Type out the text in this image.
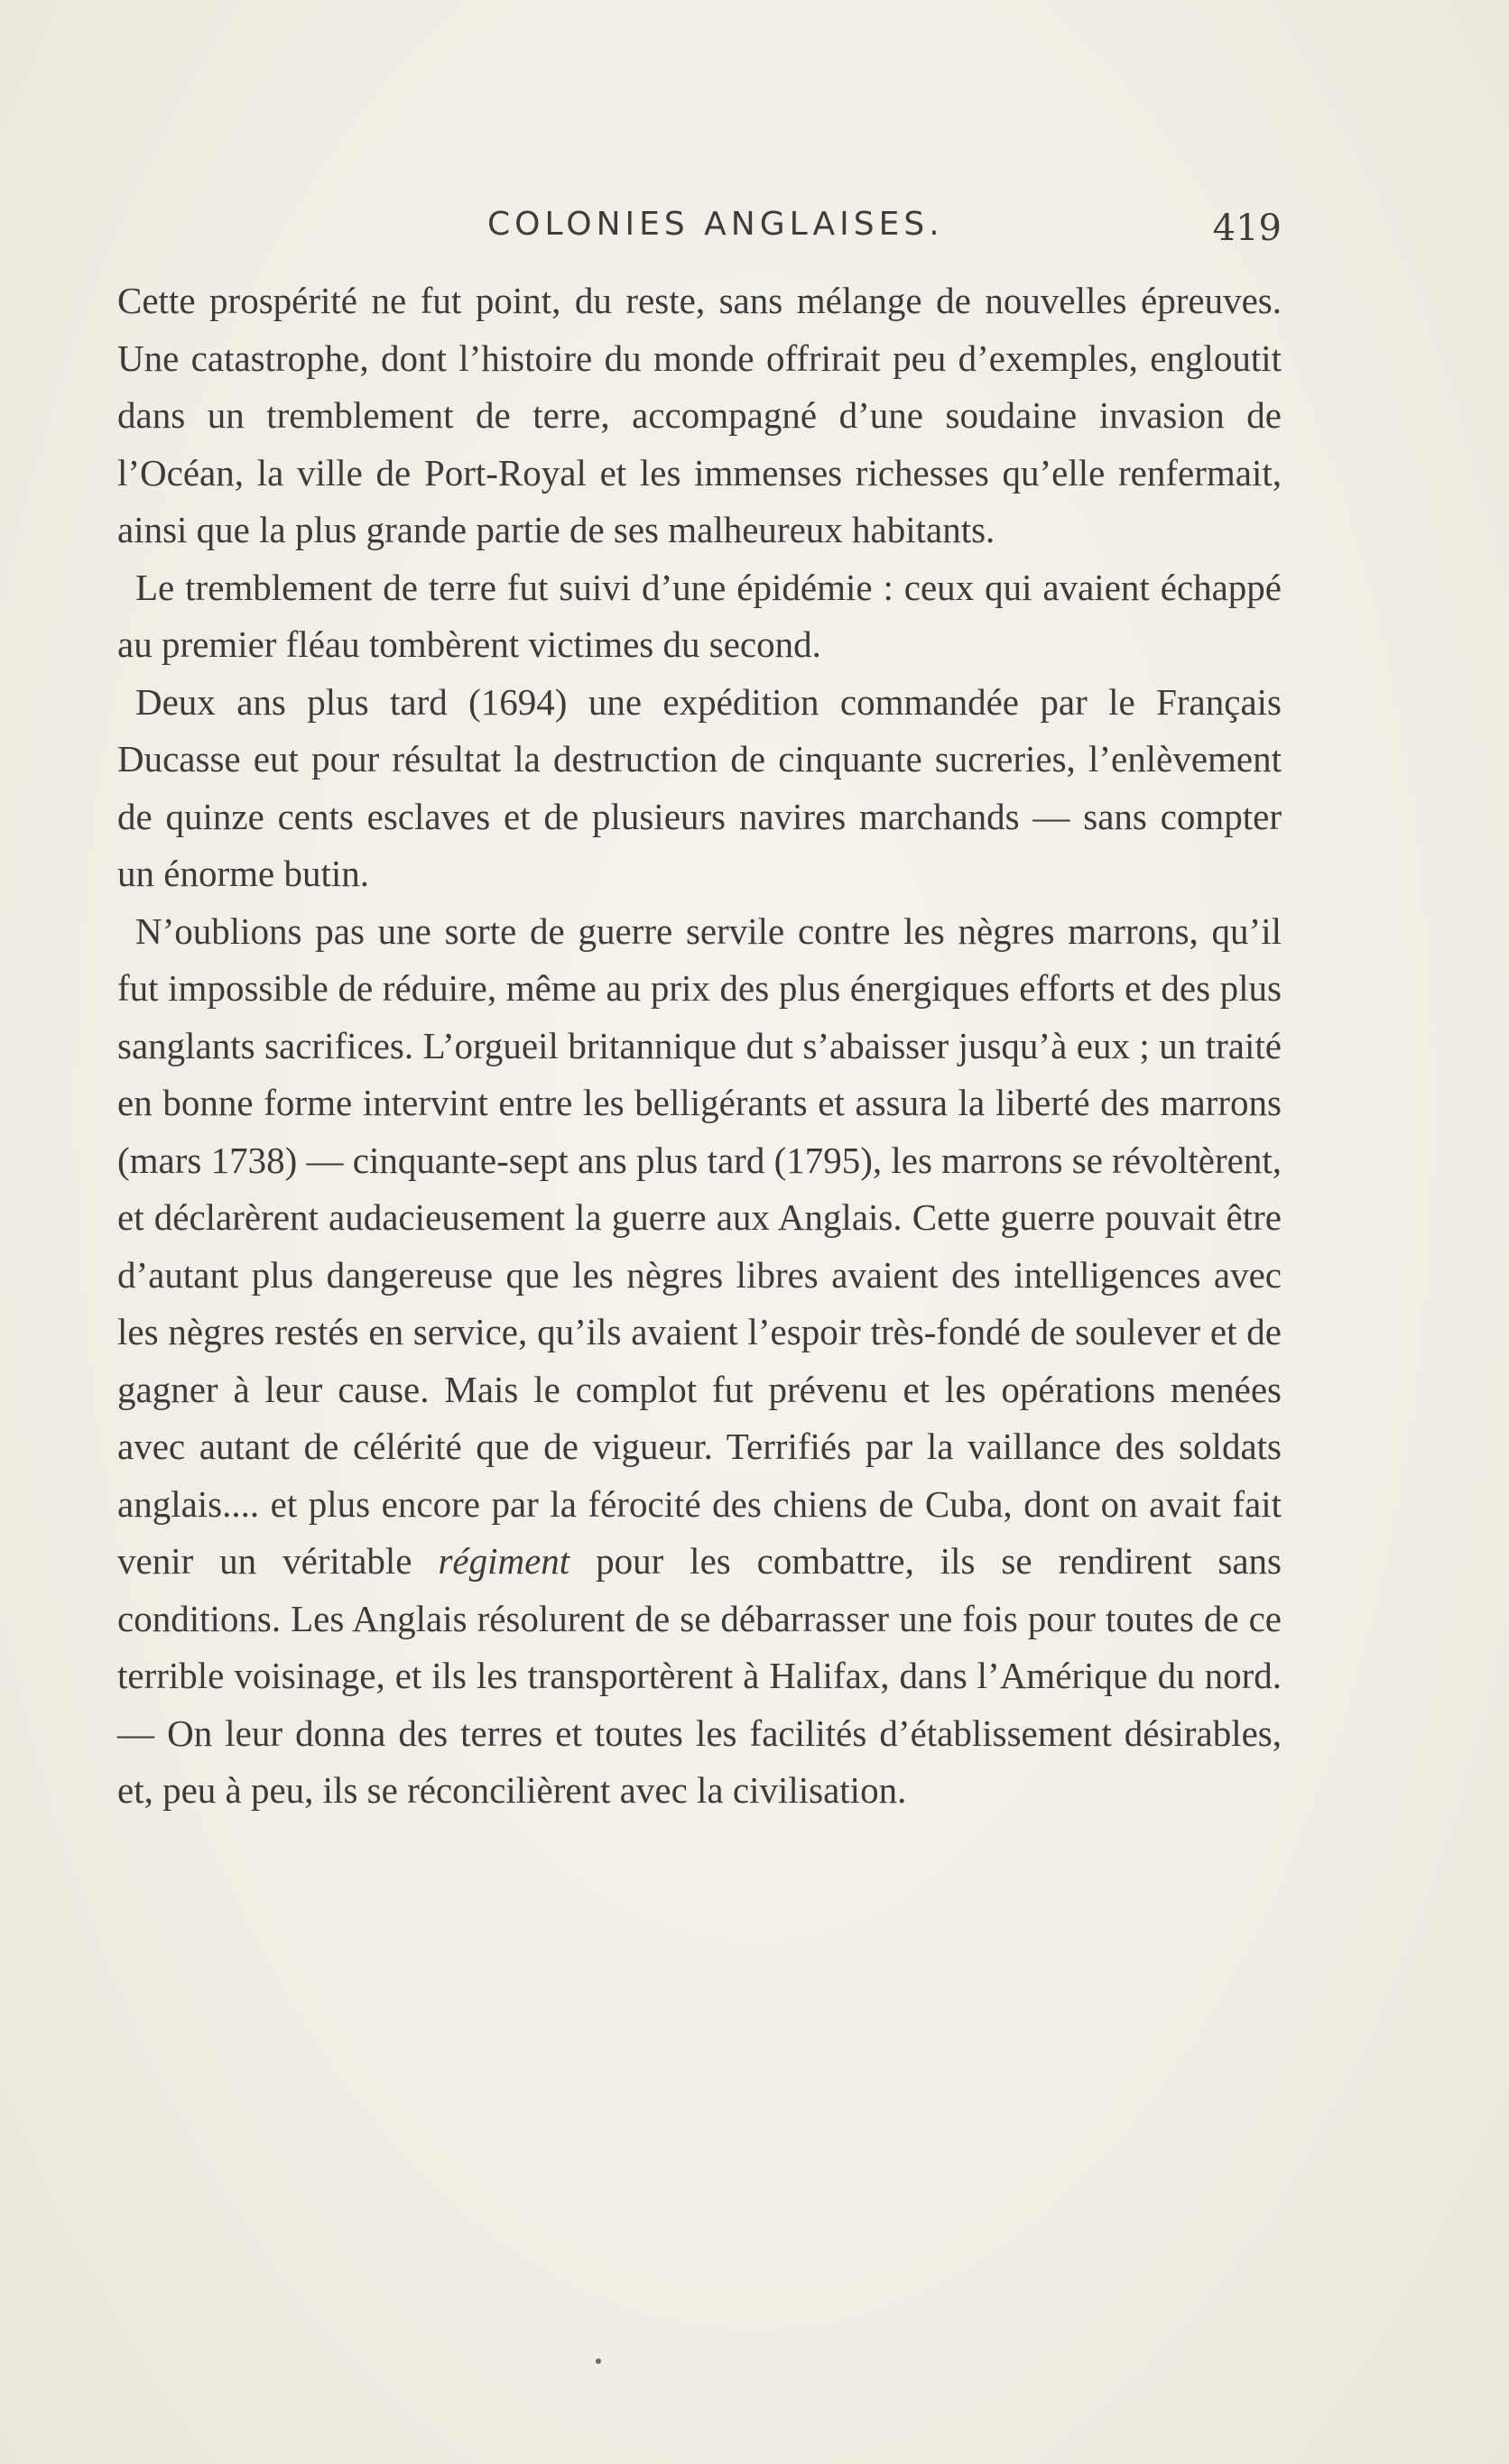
COLONIES ANGLAISES.	419

Cette prospérité ne fut point, du reste, sans mélange de nouvelles épreuves. Une catastrophe, dont l’histoire du monde offrirait peu d’exemples, engloutit dans un tremblement de terre, accompagné d’une soudaine invasion de l’Océan, la ville de Port-Royal et les immenses richesses qu’elle renfermait, ainsi que la plus grande partie de ses malheureux habitants.

Le tremblement de terre fut suivi d’une épidémie : ceux qui avaient échappé au premier fléau tombèrent victimes du second.

Deux ans plus tard (1694) une expédition commandée par le Français Ducasse eut pour résultat la destruction de cinquante sucreries, l’enlèvement de quinze cents esclaves et de plusieurs navires marchands — sans compter un énorme butin.

N’oublions pas une sorte de guerre servile contre les nègres marrons, qu’il fut impossible de réduire, même au prix des plus énergiques efforts et des plus sanglants sacrifices. L’orgueil britannique dut s’abaisser jusqu’à eux ; un traité en bonne forme intervint entre les belligérants et assura la liberté des marrons (mars 1738) — cinquante-sept ans plus tard (1795), les marrons se révoltèrent, et déclarèrent audacieusement la guerre aux Anglais. Cette guerre pouvait être d’autant plus dangereuse que les nègres libres avaient des intelligences avec les nègres restés en service, qu’ils avaient l’espoir très-fondé de soulever et de gagner à leur cause. Mais le complot fut prévenu et les opérations menées avec autant de célérité que de vigueur. Terrifiés par la vaillance des soldats anglais.... et plus encore par la férocité des chiens de Cuba, dont on avait fait venir un véritable régiment pour les combattre, ils se rendirent sans conditions. Les Anglais résolurent de se débarrasser une fois pour toutes de ce terrible voisinage, et ils les transportèrent à Halifax, dans l’Amérique du nord. — On leur donna des terres et toutes les facilités d’établissement désirables, et, peu à peu, ils se réconcilièrent avec la civilisation.
